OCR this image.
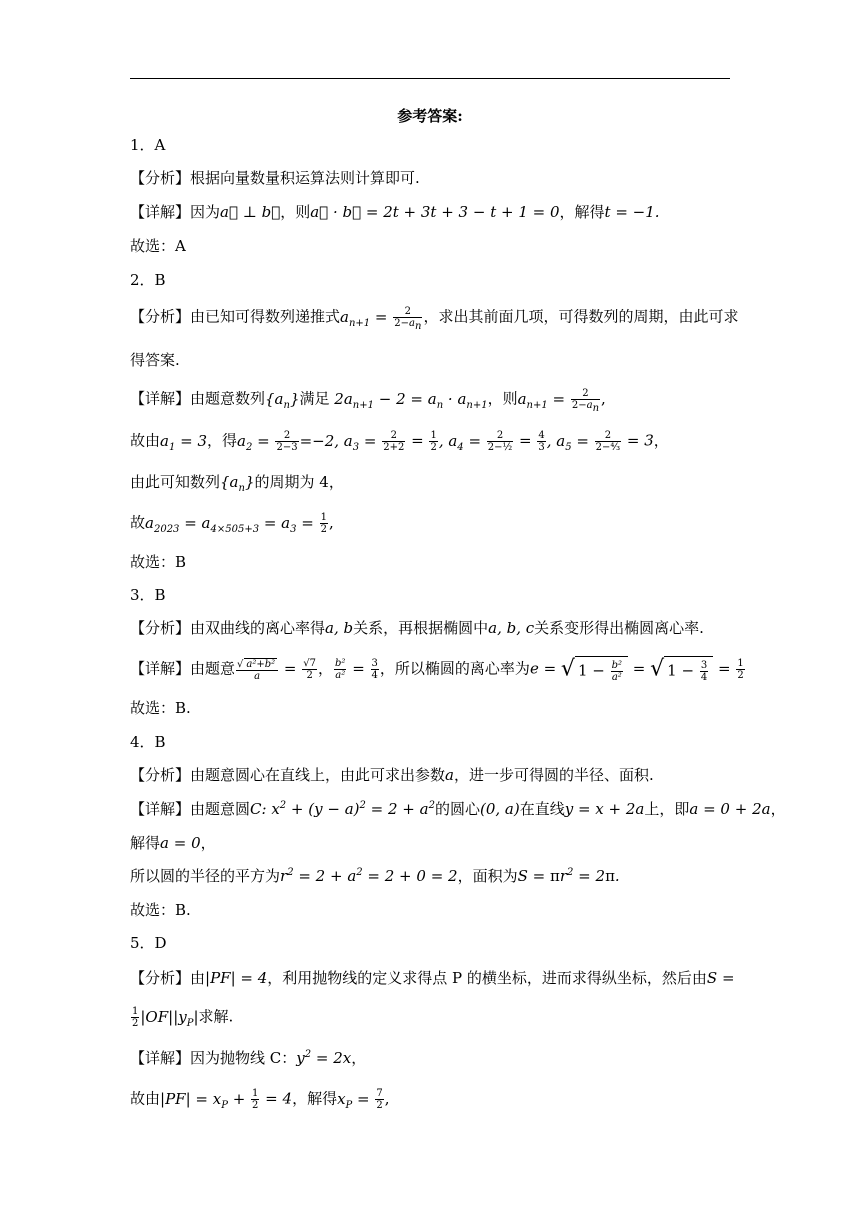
参考答案:
1．A
【分析】根据向量数量积运算法则计算即可.
【详解】因为a⃗ ⊥ b⃗，则a⃗ · b⃗ = 2t + 3t + 3 − t + 1 = 0，解得t = −1.
故选：A
2．B
【分析】由已知可得数列递推式$a_{n+1} = \frac{2}{2-a_n}$ ，求出其前面几项，可得数列的周期，由此可求
得答案.
【详解】由题意数列$\{a_n\}$满足 $2a_{n+1} - 2 = a_n \cdot a_{n+1}$，则$a_{n+1} = \frac{2}{2-a_n}$ ,
故由$a_1 = 3$，得$a_2 = \frac{2}{2-3} =-2$, $a_3 = \frac{2}{2+2} = \frac{1}{2}$ , $a_4 = \frac{2}{\text{2−½}} = \frac{4}{3}$ , $a_5 = \frac{2}{\text{2−⁴⁄₃}} = 3$，
由此可知数列$\{a_n\}$的周期为 4，
故$a_{2023} = a_{4\times 505+3} = a_3 = \frac{1}{2}$ ,
故选：B
3．B
【分析】由双曲线的离心率得a, b关系，再根据椭圆中a, b, c关系变形得出椭圆离心率.
【详解】由题意 $\frac{\text{√ a²+b²}}{a} = \frac{√7}{2}$ ， $\frac{\text{b²}}{\text{a²}} = \frac{3}{4}$ ，所以椭圆的离心率为e = √ $1 - \frac{\text{b²}}{\text{a²}}$ = √ $1 - \frac{3}{4} = \frac{1}{2}$
故选：B.
4．B
【分析】由题意圆心在直线上，由此可求出参数a，进一步可得圆的半径、面积.
【详解】由题意圆C: $x^2 + (y - a)^2 = 2 + a^2$的圆心(0, a)在直线y = x + 2a上，即a = 0 + 2a，
解得a = 0，
所以圆的半径的平方为$r^2 = 2 + a^2 = 2 + 0 = 2$，面积为$S = \pi r^2 = 2\pi$.
故选：B.
5．D
【分析】由|PF| = 4，利用抛物线的定义求得点 P 的横坐标，进而求得纵坐标，然后由S =
$\frac{1}{2} |OF||y_P|$求解.
【详解】因为抛物线 C：$y^2 = 2x$，
故由$|PF| = x_P + \frac{1}{2} = 4$，解得$x_P = \frac{7}{2}$ ,
